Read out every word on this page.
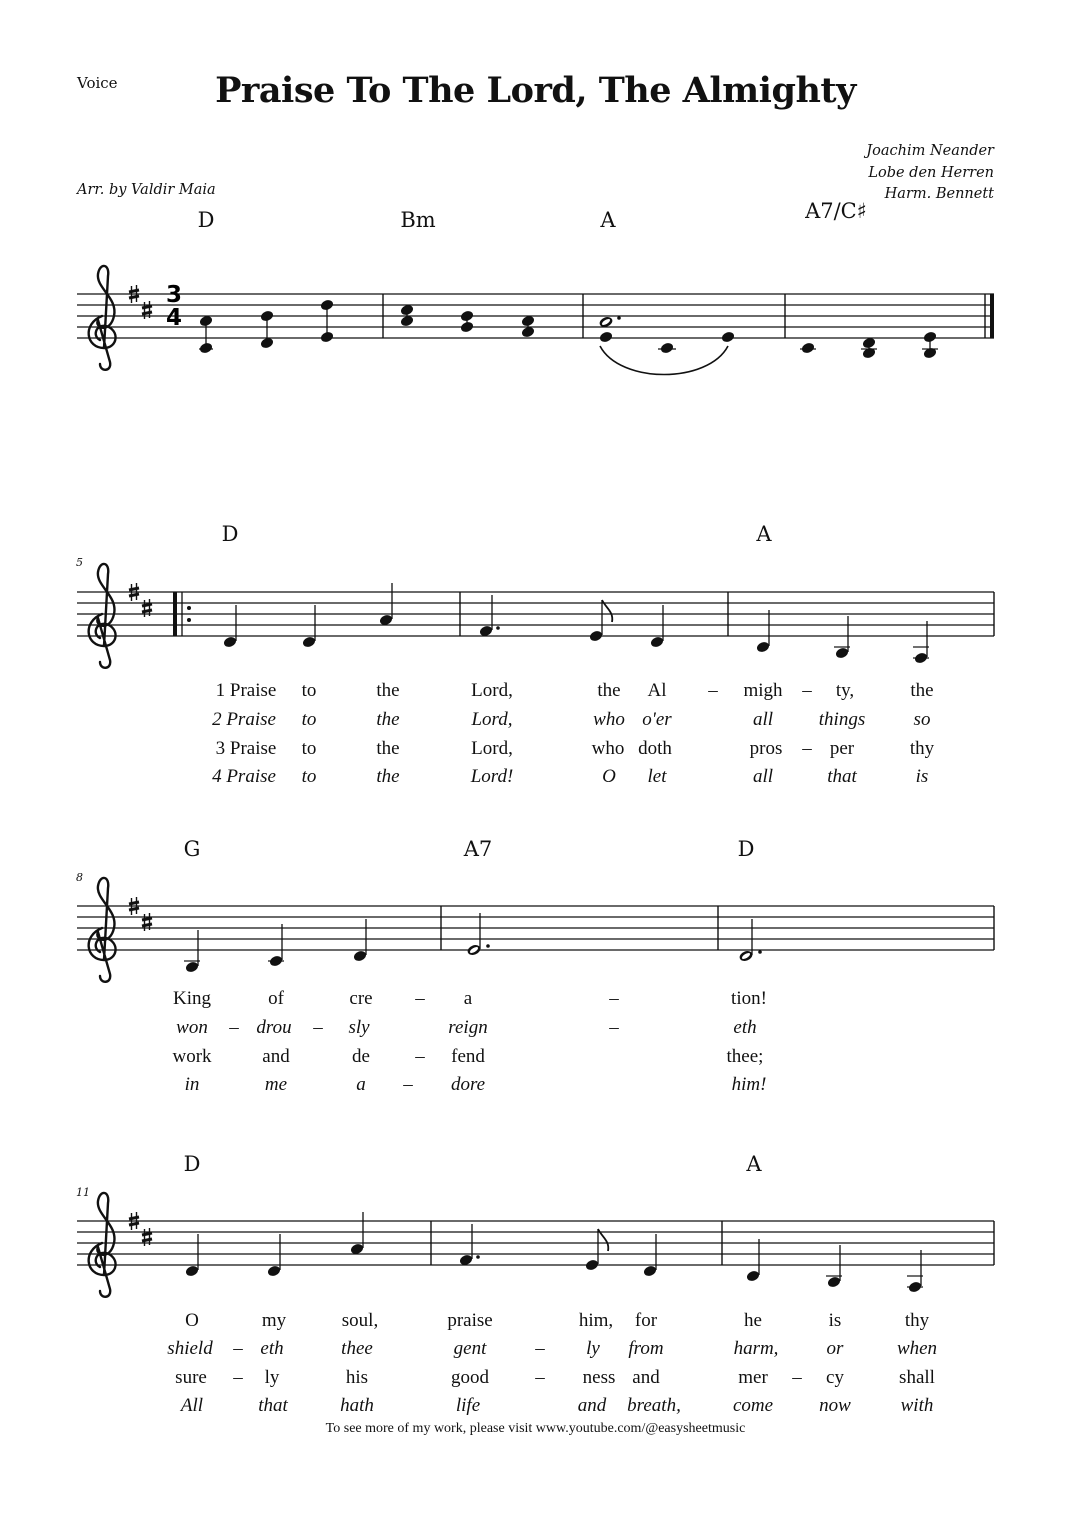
Voice	Praise To The Lord, The Almighty
Joachim Neander
Lobe den Herren
Harm. Bennett
Arr. by Valdir Maia
D	Bm	A	A7/C♯
D	A
G	A7	D
D	A
5
8
11
3
4
1 Praise to	the	Lord,	the Al – migh – ty,	the
2 Praise to	the	Lord,	who o'er	all things	so
3 Praise to	the	Lord,	who doth	pros – per	thy
4 Praise to	the	Lord!	O let	all	that	is
King	of	cre – a	–	tion!
won – drou – sly	reign	–	eth
work	and	de – fend	thee;
in	me	a – dore	him!
O	my	soul,	praise	him, for	he	is	thy
shield – eth	thee	gent	– ly from	harm,	or	when
sure – ly	his	good – ness and	mer – cy	shall
All	that	hath	life	and breath,	come now	with
To see more of my work, please visit www.youtube.com/@easysheetmusic
